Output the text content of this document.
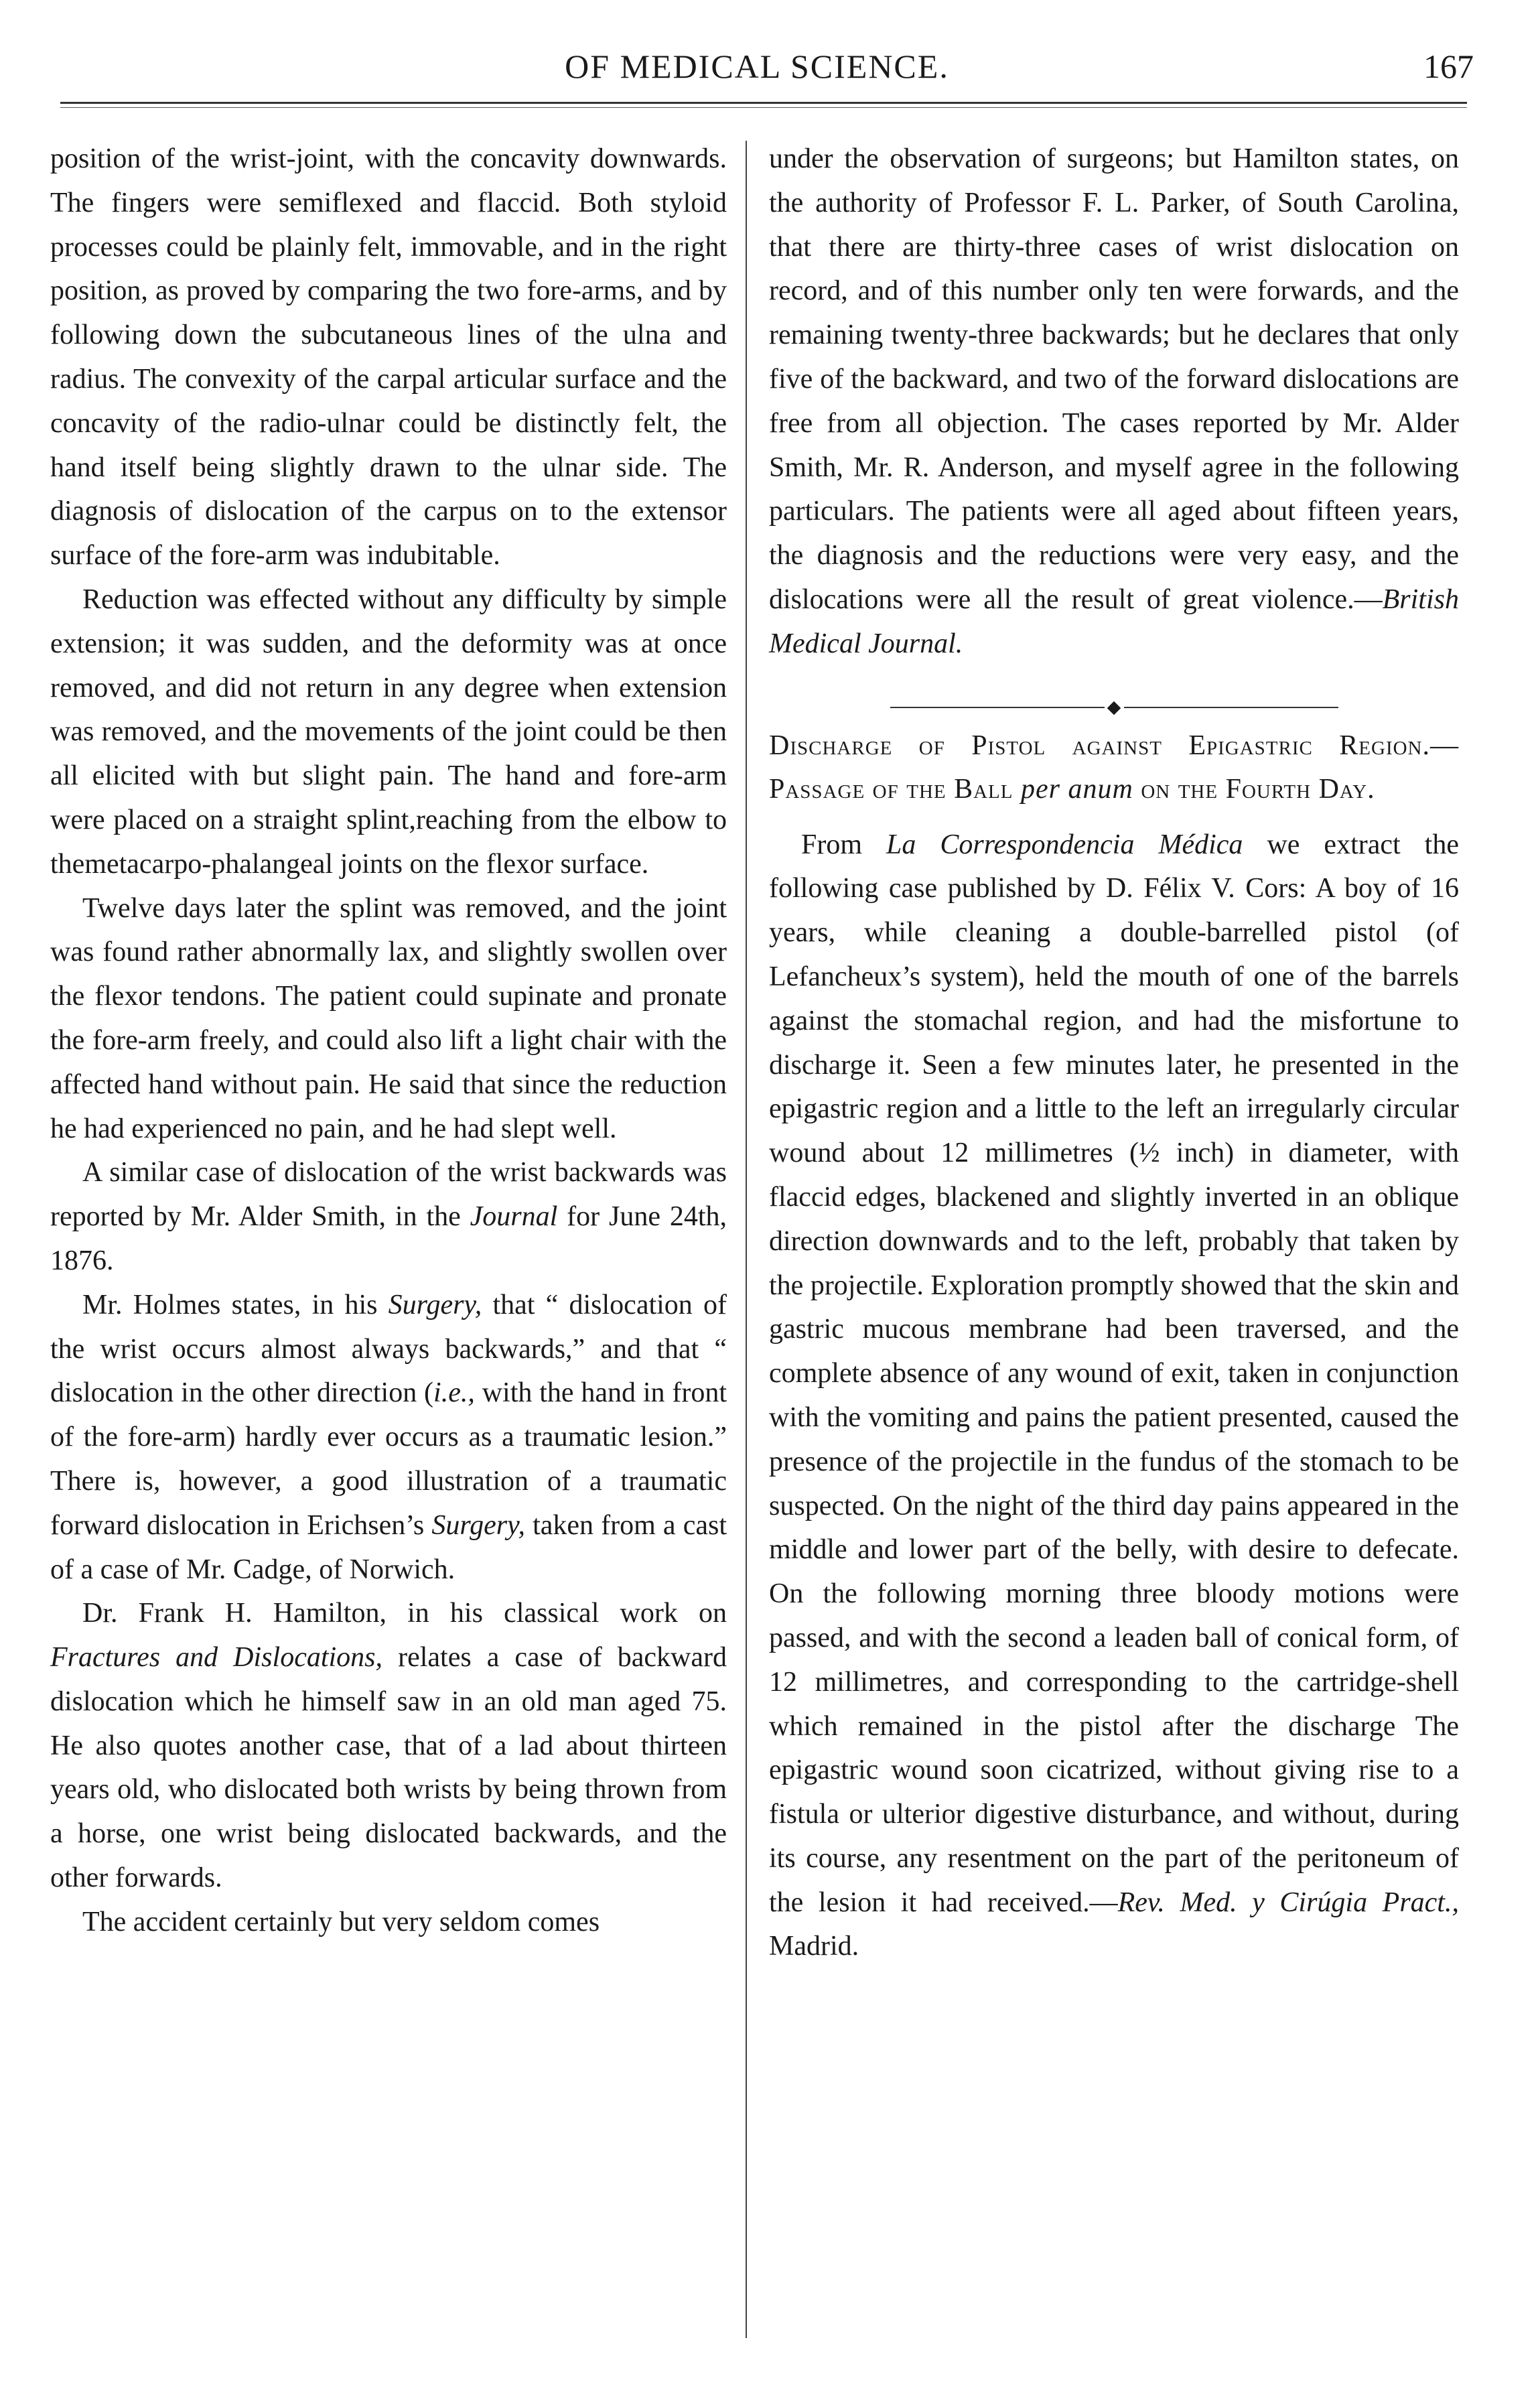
OF MEDICAL SCIENCE.	167

position of the wrist-joint, with the concavity downwards. The fingers were semiflexed and flaccid. Both styloid processes could be plainly felt, immovable, and in the right position, as proved by comparing the two fore-arms, and by following down the subcutaneous lines of the ulna and radius. The convexity of the carpal articular surface and the concavity of the radio-ulnar could be distinctly felt, the hand itself being slightly drawn to the ulnar side. The diagnosis of dislocation of the carpus on to the extensor surface of the fore-arm was indubitable.

Reduction was effected without any difficulty by simple extension; it was sudden, and the deformity was at once removed, and did not return in any degree when extension was removed, and the movements of the joint could be then all elicited with but slight pain. The hand and fore-arm were placed on a straight splint,reaching from the elbow to themetacarpo-phalangeal joints on the flexor surface.

Twelve days later the splint was removed, and the joint was found rather abnormally lax, and slightly swollen over the flexor tendons. The patient could supinate and pronate the fore-arm freely, and could also lift a light chair with the affected hand without pain. He said that since the reduction he had experienced no pain, and he had slept well.

A similar case of dislocation of the wrist backwards was reported by Mr. Alder Smith, in the Journal for June 24th, 1876.

Mr. Holmes states, in his Surgery, that “ dislocation of the wrist occurs almost always backwards,” and that “ dislocation in the other direction (i.e., with the hand in front of the fore-arm) hardly ever occurs as a traumatic lesion.” There is, however, a good illustration of a traumatic forward dislocation in Erichsen’s Surgery, taken from a cast of a case of Mr. Cadge, of Norwich.

Dr. Frank H. Hamilton, in his classical work on Fractures and Dislocations, relates a case of backward dislocation which he himself saw in an old man aged 75. He also quotes another case, that of a lad about thirteen years old, who dislocated both wrists by being thrown from a horse, one wrist being dislocated backwards, and the other forwards.

The accident certainly but very seldom comes

under the observation of surgeons; but Hamilton states, on the authority of Professor F. L. Parker, of South Carolina, that there are thirty-three cases of wrist dislocation on record, and of this number only ten were forwards, and the remaining twenty-three backwards; but he declares that only five of the backward, and two of the forward dislocations are free from all objection. The cases reported by Mr. Alder Smith, Mr. R. Anderson, and myself agree in the following particulars. The patients were all aged about fifteen years, the diagnosis and the reductions were very easy, and the dislocations were all the result of great violence.—British Medical Journal.

⬥
Discharge of Pistol against Epigastric Region.—Passage of the Ball per anum on the Fourth Day.

From La Correspondencia Médica we extract the following case published by D. Félix V. Cors: A boy of 16 years, while cleaning a double-barrelled pistol (of Lefancheux’s system), held the mouth of one of the barrels against the stomachal region, and had the misfortune to discharge it. Seen a few minutes later, he presented in the epigastric region and a little to the left an irregularly circular wound about 12 millimetres (½ inch) in diameter, with flaccid edges, blackened and slightly inverted in an oblique direction downwards and to the left, probably that taken by the projectile. Exploration promptly showed that the skin and gastric mucous membrane had been traversed, and the complete absence of any wound of exit, taken in conjunction with the vomiting and pains the patient presented, caused the presence of the projectile in the fundus of the stomach to be suspected. On the night of the third day pains appeared in the middle and lower part of the belly, with desire to defecate. On the following morning three bloody motions were passed, and with the second a leaden ball of conical form, of 12 millimetres, and corresponding to the cartridge-shell which remained in the pistol after the discharge The epigastric wound soon cicatrized, without giving rise to a fistula or ulterior digestive disturbance, and without, during its course, any resentment on the part of the peritoneum of the lesion it had received.—Rev. Med. y Cirúgia Pract., Madrid.
